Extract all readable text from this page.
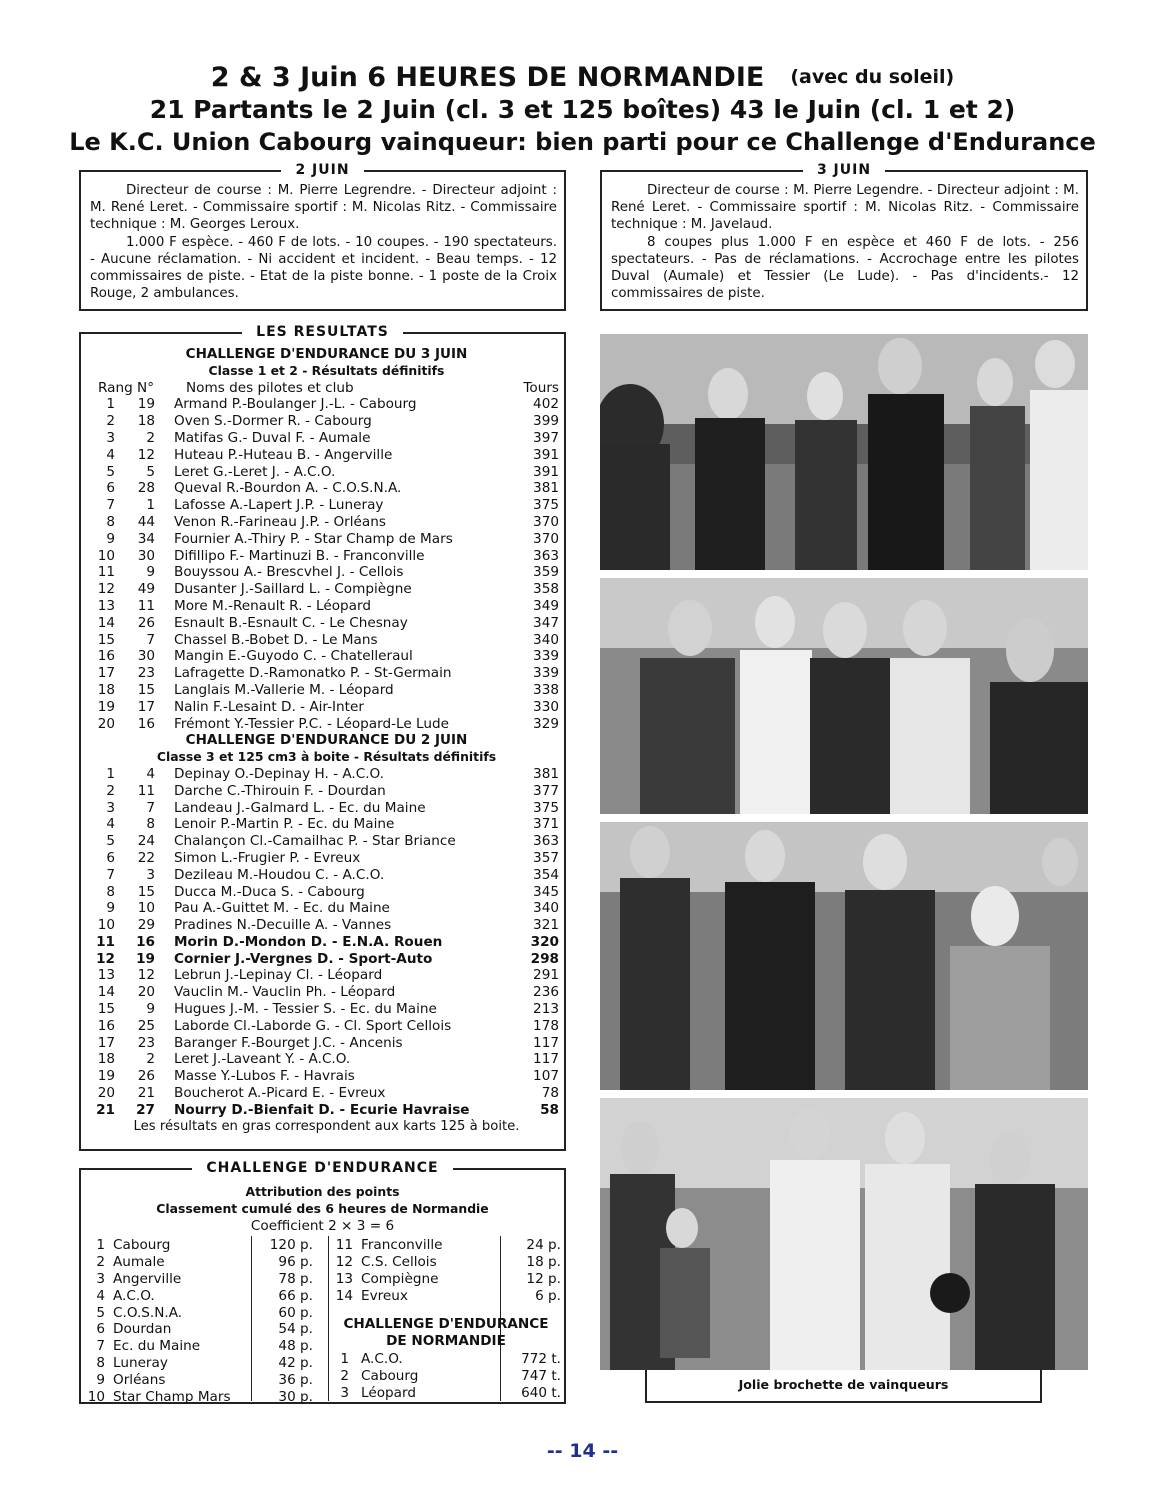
2 & 3 Juin 6 HEURES DE NORMANDIE (avec du soleil)
21 Partants le 2 Juin (cl. 3 et 125 boîtes) 43 le Juin (cl. 1 et 2)
Le K.C. Union Cabourg vainqueur: bien parti pour ce Challenge d'Endurance
2 JUIN

Directeur de course : M. Pierre Legrendre. - Directeur adjoint : M. René Leret. - Commissaire sportif : M. Nicolas Ritz. - Commissaire technique : M. Georges Leroux.

1.000 F espèce. - 460 F de lots. - 10 coupes. - 190 spectateurs. - Aucune réclamation. - Ni accident et incident. - Beau temps. - 12 commissaires de piste. - Etat de la piste bonne. - 1 poste de la Croix Rouge, 2 ambulances.

3 JUIN

Directeur de course : M. Pierre Legendre. - Directeur adjoint : M. René Leret. - Commissaire sportif : M. Nicolas Ritz. - Commissaire technique : M. Javelaud.

8 coupes plus 1.000 F en espèce et 460 F de lots. - 256 spectateurs. - Pas de réclamations. - Accrochage entre les pilotes Duval (Aumale) et Tessier (Le Lude). - Pas d'incidents.- 12 commissaires de piste.

LES RESULTATS
CHALLENGE D'ENDURANCE DU 3 JUIN
Classe 1 et 2 - Résultats définitifs
Rang N° Noms des pilotes et club	Tours
1	19 Armand P.-Boulanger J.-L. - Cabourg	402
2	18 Oven S.-Dormer R. - Cabourg	399
3	2 Matifas G.- Duval F. - Aumale	397
4	12 Huteau P.-Huteau B. - Angerville	391
5	5 Leret G.-Leret J. - A.C.O.	391
6	28 Queval R.-Bourdon A. - C.O.S.N.A.	381
7	1 Lafosse A.-Lapert J.P. - Luneray	375
8	44 Venon R.-Farineau J.P. - Orléans	370
9	34 Fournier A.-Thiry P. - Star Champ de Mars	370
10	30 Difillipo F.- Martinuzi B. - Franconville	363
11	9 Bouyssou A.- Brescvhel J. - Cellois	359
12	49 Dusanter J.-Saillard L. - Compiègne	358
13	11 More M.-Renault R. - Léopard	349
14	26 Esnault B.-Esnault C. - Le Chesnay	347
15	7 Chassel B.-Bobet D. - Le Mans	340
16	30 Mangin E.-Guyodo C. - Chatelleraul	339
17	23 Lafragette D.-Ramonatko P. - St-Germain	339
18	15 Langlais M.-Vallerie M. - Léopard	338
19	17 Nalin F.-Lesaint D. - Air-Inter	330
20	16 Frémont Y.-Tessier P.C. - Léopard-Le Lude	329
CHALLENGE D'ENDURANCE DU 2 JUIN
Classe 3 et 125 cm3 à boite - Résultats définitifs
1	4 Depinay O.-Depinay H. - A.C.O.	381
2	11 Darche C.-Thirouin F. - Dourdan	377
3	7 Landeau J.-Galmard L. - Ec. du Maine	375
4	8 Lenoir P.-Martin P. - Ec. du Maine	371
5	24 Chalançon Cl.-Camailhac P. - Star Briance	363
6	22 Simon L.-Frugier P. - Evreux	357
7	3 Dezileau M.-Houdou C. - A.C.O.	354
8	15 Ducca M.-Duca S. - Cabourg	345
9	10 Pau A.-Guittet M. - Ec. du Maine	340
10	29 Pradines N.-Decuille A. - Vannes	321
11	16 Morin D.-Mondon D. - E.N.A. Rouen	320
12	19 Cornier J.-Vergnes D. - Sport-Auto	298
13	12 Lebrun J.-Lepinay Cl. - Léopard	291
14	20 Vauclin M.- Vauclin Ph. - Léopard	236
15	9 Hugues J.-M. - Tessier S. - Ec. du Maine	213
16	25 Laborde Cl.-Laborde G. - Cl. Sport Cellois	178
17	23 Baranger F.-Bourget J.C. - Ancenis	117
18	2 Leret J.-Laveant Y. - A.C.O.	117
19	26 Masse Y.-Lubos F. - Havrais	107
20	21 Boucherot A.-Picard E. - Evreux	78
21	27 Nourry D.-Bienfait D. - Ecurie Havraise	58
Les résultats en gras correspondent aux karts 125 à boite.
CHALLENGE D'ENDURANCE
Attribution des points
Classement cumulé des 6 heures de Normandie
Coefficient 2 × 3 = 6
1 Cabourg	120 p.
2 Aumale	96 p.
3 Angerville	78 p.
4 A.C.O.	66 p.
5 C.O.S.N.A.	60 p.
6 Dourdan	54 p.
7 Ec. du Maine	48 p.
8 Luneray	42 p.
9 Orléans	36 p.
10 Star Champ Mars	30 p.
11 Franconville	24 p.
12 C.S. Cellois	18 p.
13 Compiègne	12 p.
14 Evreux	6 p.
CHALLENGE D'ENDURANCE
DE NORMANDIE
1 A.C.O.	772 t.
2 Cabourg	747 t.
3 Léopard	640 t.
Jolie brochette de vainqueurs
-- 14 --
